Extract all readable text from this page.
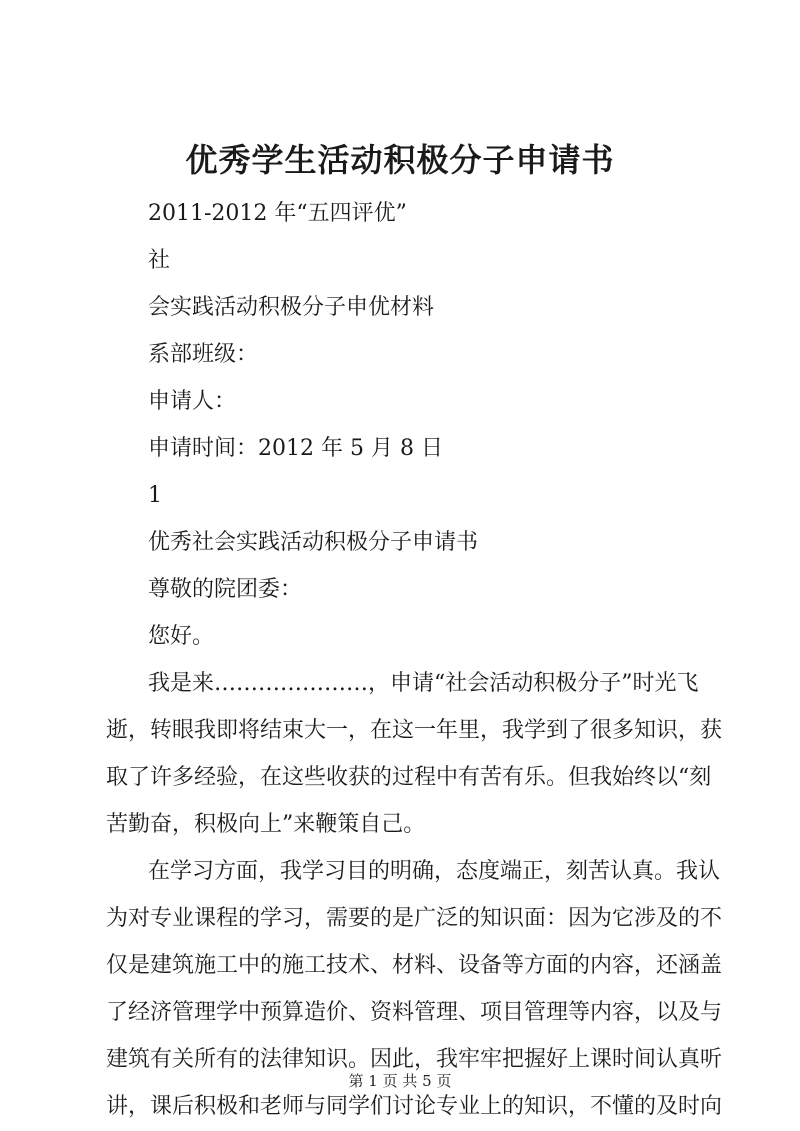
优秀学生活动积极分子申请书
2011-2012 年“五四评优”
社
会实践活动积极分子申优材料
系部班级：
申请人：
申请时间：2012 年 5 月 8 日
1
优秀社会实践活动积极分子申请书
尊敬的院团委：
您好。
我是来…………………，申请“社会活动积极分子”时光飞
逝，转眼我即将结束大一，在这一年里，我学到了很多知识，获
取了许多经验，在这些收获的过程中有苦有乐。但我始终以“刻
苦勤奋，积极向上”来鞭策自己。
在学习方面，我学习目的明确，态度端正，刻苦认真。我认
为对专业课程的学习，需要的是广泛的知识面：因为它涉及的不
仅是建筑施工中的施工技术、材料、设备等方面的内容，还涵盖
了经济管理学中预算造价、资料管理、项目管理等内容，以及与
建筑有关所有的法律知识。因此，我牢牢把握好上课时间认真听
讲，课后积极和老师与同学们讨论专业上的知识，不懂的及时向
第 1 页 共 5 页
